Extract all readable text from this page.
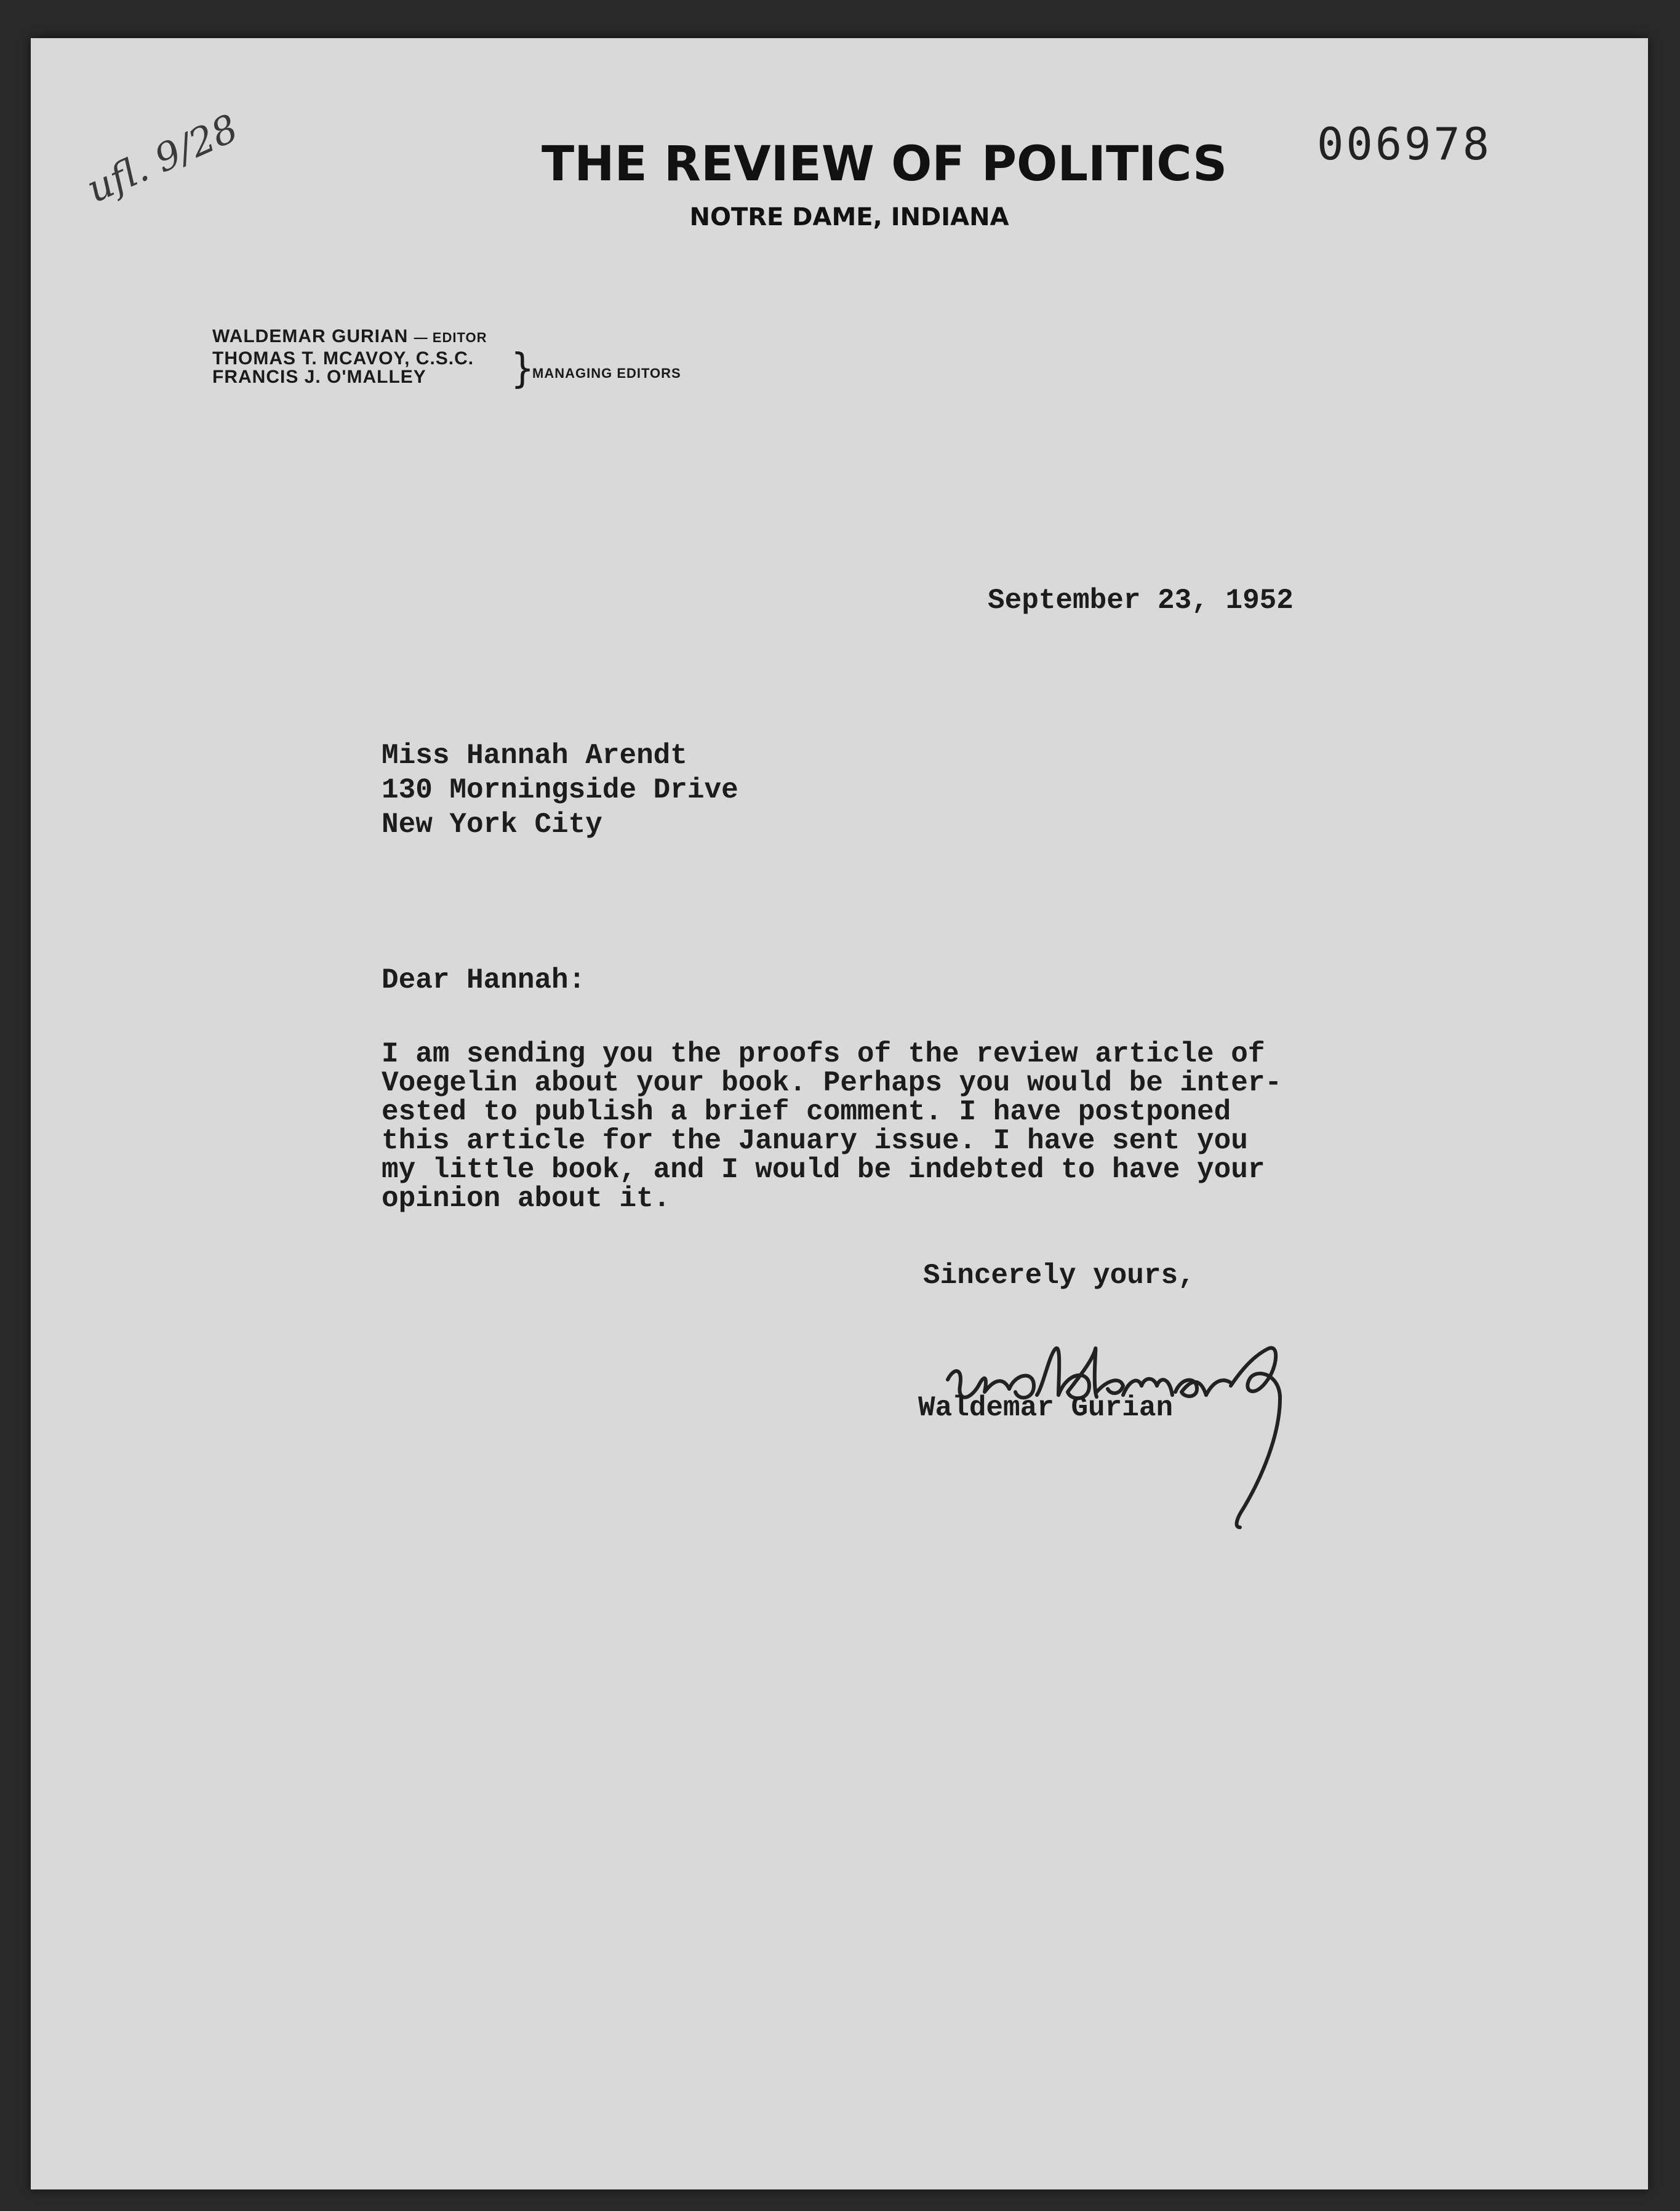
ufl. 9/28	006978
THE REVIEW OF POLITICS
NOTRE DAME, INDIANA
WALDEMAR GURIAN — EDITOR
THOMAS T. MCAVOY, C.S.C.
FRANCIS J. O'MALLEY }
MANAGING EDITORS
September 23, 1952
Miss Hannah Arendt
130 Morningside Drive
New York City
Dear Hannah:
I am sending you the proofs of the review article of
Voegelin about your book. Perhaps you would be inter-
ested to publish a brief comment. I have postponed
this article for the January issue. I have sent you
my little book, and I would be indebted to have your
opinion about it.
Sincerely yours,
Waldemar Gurian
